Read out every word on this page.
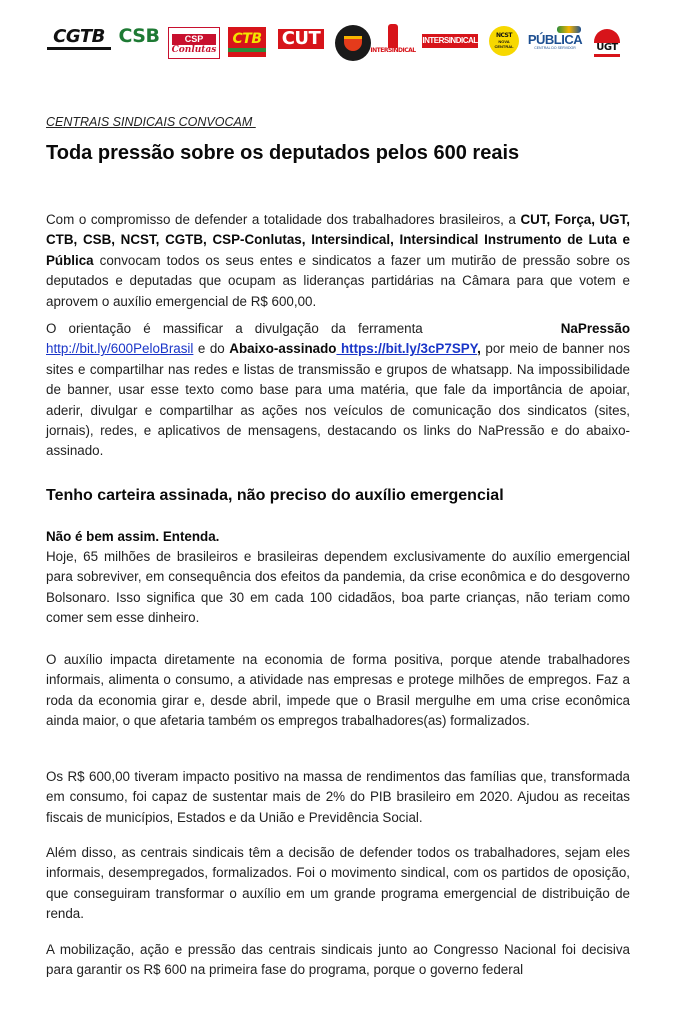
CGTB CSB	CSP
Conlutas
CTB CUT
INTERSINDICAL
INTERSINDICAL
NCST
NOVA CENTRAL	PÚBLICA
CENTRAL DO SERVIDOR UGT
CENTRAIS SINDICAIS CONVOCAM
Toda pressão sobre os deputados pelos 600 reais

Com o compromisso de defender a totalidade dos trabalhadores brasileiros, a CUT, Força, UGT, CTB, CSB, NCST, CGTB, CSP-Conlutas, Intersindical, Intersindical Instrumento de Luta e Pública convocam todos os seus entes e sindicatos a fazer um mutirão de pressão sobre os deputados e deputadas que ocupam as lideranças partidárias na Câmara para que votem e aprovem o auxílio emergencial de R$ 600,00.

O orientação é massificar a divulgação da ferramenta	NaPressão http://bit.ly/600PeloBrasil e do Abaixo-assinado https://bit.ly/3cP7SPY, por meio de banner nos sites e compartilhar nas redes e listas de transmissão e grupos de whatsapp. Na impossibilidade de banner, usar esse texto como base para uma matéria, que fale da importância de apoiar, aderir, divulgar e compartilhar as ações nos veículos de comunicação dos sindicatos (sites, jornais), redes, e aplicativos de mensagens, destacando os links do NaPressão e do abaixo-assinado.

Tenho carteira assinada, não preciso do auxílio emergencial

Não é bem assim. Entenda.

Hoje, 65 milhões de brasileiros e brasileiras dependem exclusivamente do auxílio emergencial para sobreviver, em consequência dos efeitos da pandemia, da crise econômica e do desgoverno Bolsonaro. Isso significa que 30 em cada 100 cidadãos, boa parte crianças, não teriam como comer sem esse dinheiro.

O auxílio impacta diretamente na economia de forma positiva, porque atende trabalhadores informais, alimenta o consumo, a atividade nas empresas e protege milhões de empregos. Faz a roda da economia girar e, desde abril, impede que o Brasil mergulhe em uma crise econômica ainda maior, o que afetaria também os empregos trabalhadores(as) formalizados.

Os R$ 600,00 tiveram impacto positivo na massa de rendimentos das famílias que, transformada em consumo, foi capaz de sustentar mais de 2% do PIB brasileiro em 2020. Ajudou as receitas fiscais de municípios, Estados e da União e Previdência Social.

Além disso, as centrais sindicais têm a decisão de defender todos os trabalhadores, sejam eles informais, desempregados, formalizados. Foi o movimento sindical, com os partidos de oposição, que conseguiram transformar o auxílio em um grande programa emergencial de distribuição de renda.

A mobilização, ação e pressão das centrais sindicais junto ao Congresso Nacional foi decisiva para garantir os R$ 600 na primeira fase do programa, porque o governo federal
